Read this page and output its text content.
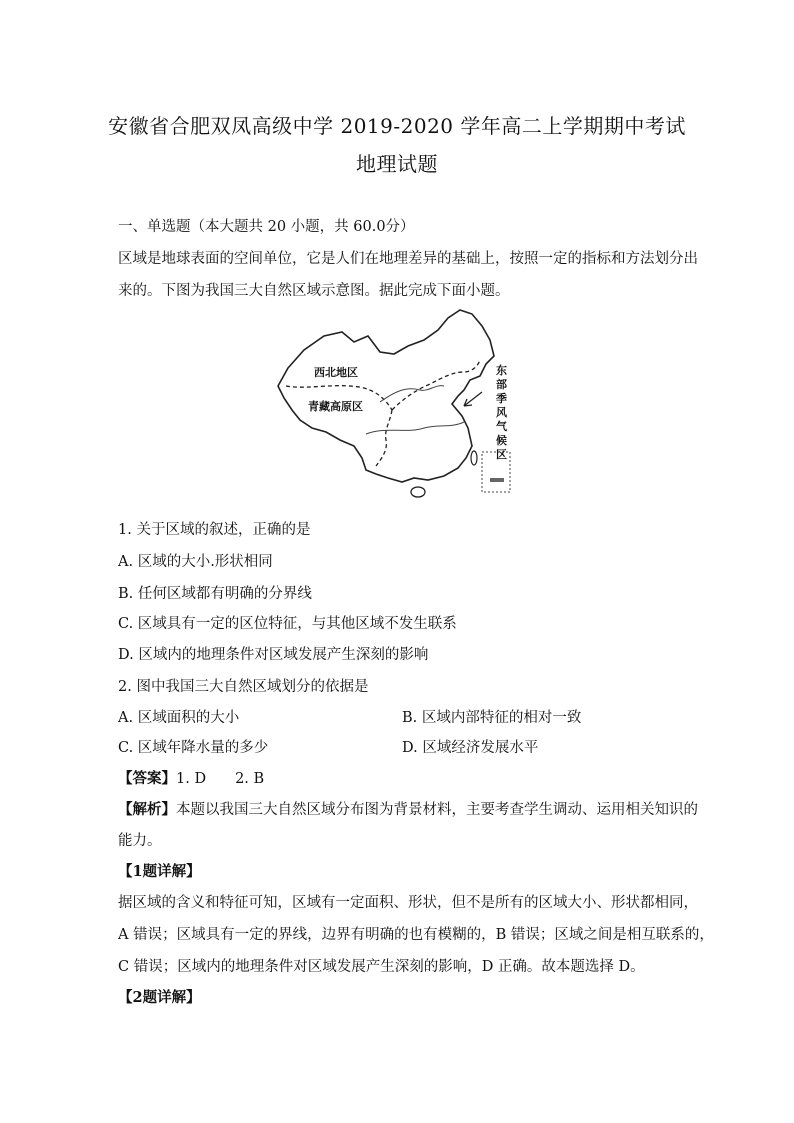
安徽省合肥双凤高级中学 2019-2020 学年高二上学期期中考试
地理试题
一、单选题（本大题共 20 小题，共 60.0分）
区域是地球表面的空间单位，它是人们在地理差异的基础上，按照一定的指标和方法划分出
来的。下图为我国三大自然区域示意图。据此完成下面小题。
西北地区
青藏高原区
东
部
季
风
气
候
区
1. 关于区域的叙述，正确的是
A. 区域的大小.形状相同
B. 任何区域都有明确的分界线
C. 区域具有一定的区位特征，与其他区域不发生联系
D. 区域内的地理条件对区域发展产生深刻的影响
2. 图中我国三大自然区域划分的依据是
A. 区域面积的大小	B. 区域内部特征的相对一致
C. 区域年降水量的多少	D. 区域经济发展水平
【答案】1. D　　2. B
【解析】本题以我国三大自然区域分布图为背景材料，主要考查学生调动、运用相关知识的
能力。
【1题详解】
据区域的含义和特征可知，区域有一定面积、形状，但不是所有的区域大小、形状都相同，
A 错误；区域具有一定的界线，边界有明确的也有模糊的，B 错误；区域之间是相互联系的，
C 错误；区域内的地理条件对区域发展产生深刻的影响，D 正确。故本题选择 D。
【2题详解】
